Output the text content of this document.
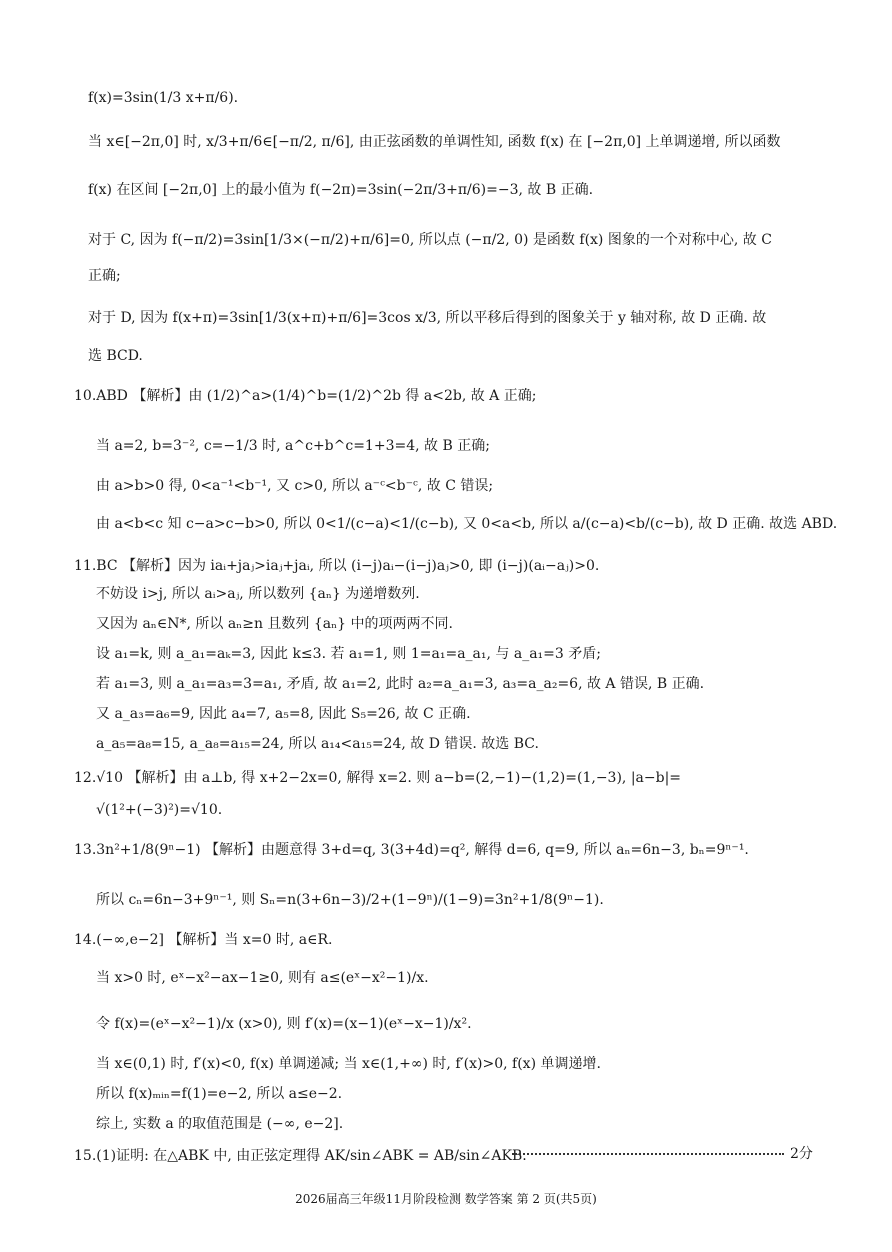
f(x)=3sin(1/3 x+π/6).
当 x∈[−2π,0] 时, x/3+π/6∈[−π/2, π/6], 由正弦函数的单调性知, 函数 f(x) 在 [−2π,0] 上单调递增, 所以函数
f(x) 在区间 [−2π,0] 上的最小值为 f(−2π)=3sin(−2π/3+π/6)=−3, 故 B 正确.
对于 C, 因为 f(−π/2)=3sin[1/3×(−π/2)+π/6]=0, 所以点 (−π/2, 0) 是函数 f(x) 图象的一个对称中心, 故 C
正确;
对于 D, 因为 f(x+π)=3sin[1/3(x+π)+π/6]=3cos x/3, 所以平移后得到的图象关于 y 轴对称, 故 D 正确. 故
选 BCD.
10.ABD 【解析】由 (1/2)^a>(1/4)^b=(1/2)^2b 得 a<2b, 故 A 正确;
当 a=2, b=3⁻², c=−1/3 时, a^c+b^c=1+3=4, 故 B 正确;
由 a>b>0 得, 0<a⁻¹<b⁻¹, 又 c>0, 所以 a⁻ᶜ<b⁻ᶜ, 故 C 错误;
由 a<b<c 知 c−a>c−b>0, 所以 0<1/(c−a)<1/(c−b), 又 0<a<b, 所以 a/(c−a)<b/(c−b), 故 D 正确. 故选 ABD.
11.BC 【解析】因为 iaᵢ+jaⱼ>iaⱼ+jaᵢ, 所以 (i−j)aᵢ−(i−j)aⱼ>0, 即 (i−j)(aᵢ−aⱼ)>0.
不妨设 i>j, 所以 aᵢ>aⱼ, 所以数列 {aₙ} 为递增数列.
又因为 aₙ∈N*, 所以 aₙ≥n 且数列 {aₙ} 中的项两两不同.
设 a₁=k, 则 a_a₁=aₖ=3, 因此 k≤3. 若 a₁=1, 则 1=a₁=a_a₁, 与 a_a₁=3 矛盾;
若 a₁=3, 则 a_a₁=a₃=3=a₁, 矛盾, 故 a₁=2, 此时 a₂=a_a₁=3, a₃=a_a₂=6, 故 A 错误, B 正确.
又 a_a₃=a₆=9, 因此 a₄=7, a₅=8, 因此 S₅=26, 故 C 正确.
a_a₅=a₈=15, a_a₈=a₁₅=24, 所以 a₁₄<a₁₅=24, 故 D 错误. 故选 BC.
12.√10 【解析】由 a⊥b, 得 x+2−2x=0, 解得 x=2. 则 a−b=(2,−1)−(1,2)=(1,−3), |a−b|=
√(1²+(−3)²)=√10.
13.3n²+1/8(9ⁿ−1) 【解析】由题意得 3+d=q, 3(3+4d)=q², 解得 d=6, q=9, 所以 aₙ=6n−3, bₙ=9ⁿ⁻¹.
所以 cₙ=6n−3+9ⁿ⁻¹, 则 Sₙ=n(3+6n−3)/2+(1−9ⁿ)/(1−9)=3n²+1/8(9ⁿ−1).
14.(−∞,e−2] 【解析】当 x=0 时, a∈R.
当 x>0 时, eˣ−x²−ax−1≥0, 则有 a≤(eˣ−x²−1)/x.
令 f(x)=(eˣ−x²−1)/x (x>0), 则 f′(x)=(x−1)(eˣ−x−1)/x².
当 x∈(0,1) 时, f′(x)<0, f(x) 单调递减; 当 x∈(1,+∞) 时, f′(x)>0, f(x) 单调递增.
所以 f(x)ₘᵢₙ=f(1)=e−2, 所以 a≤e−2.
综上, 实数 a 的取值范围是 (−∞, e−2].
15.(1)证明: 在△ABK 中, 由正弦定理得 AK/sin∠ABK = AB/sin∠AKB.	2分
2026届高三年级11月阶段检测 数学答案 第 2 页(共5页)
